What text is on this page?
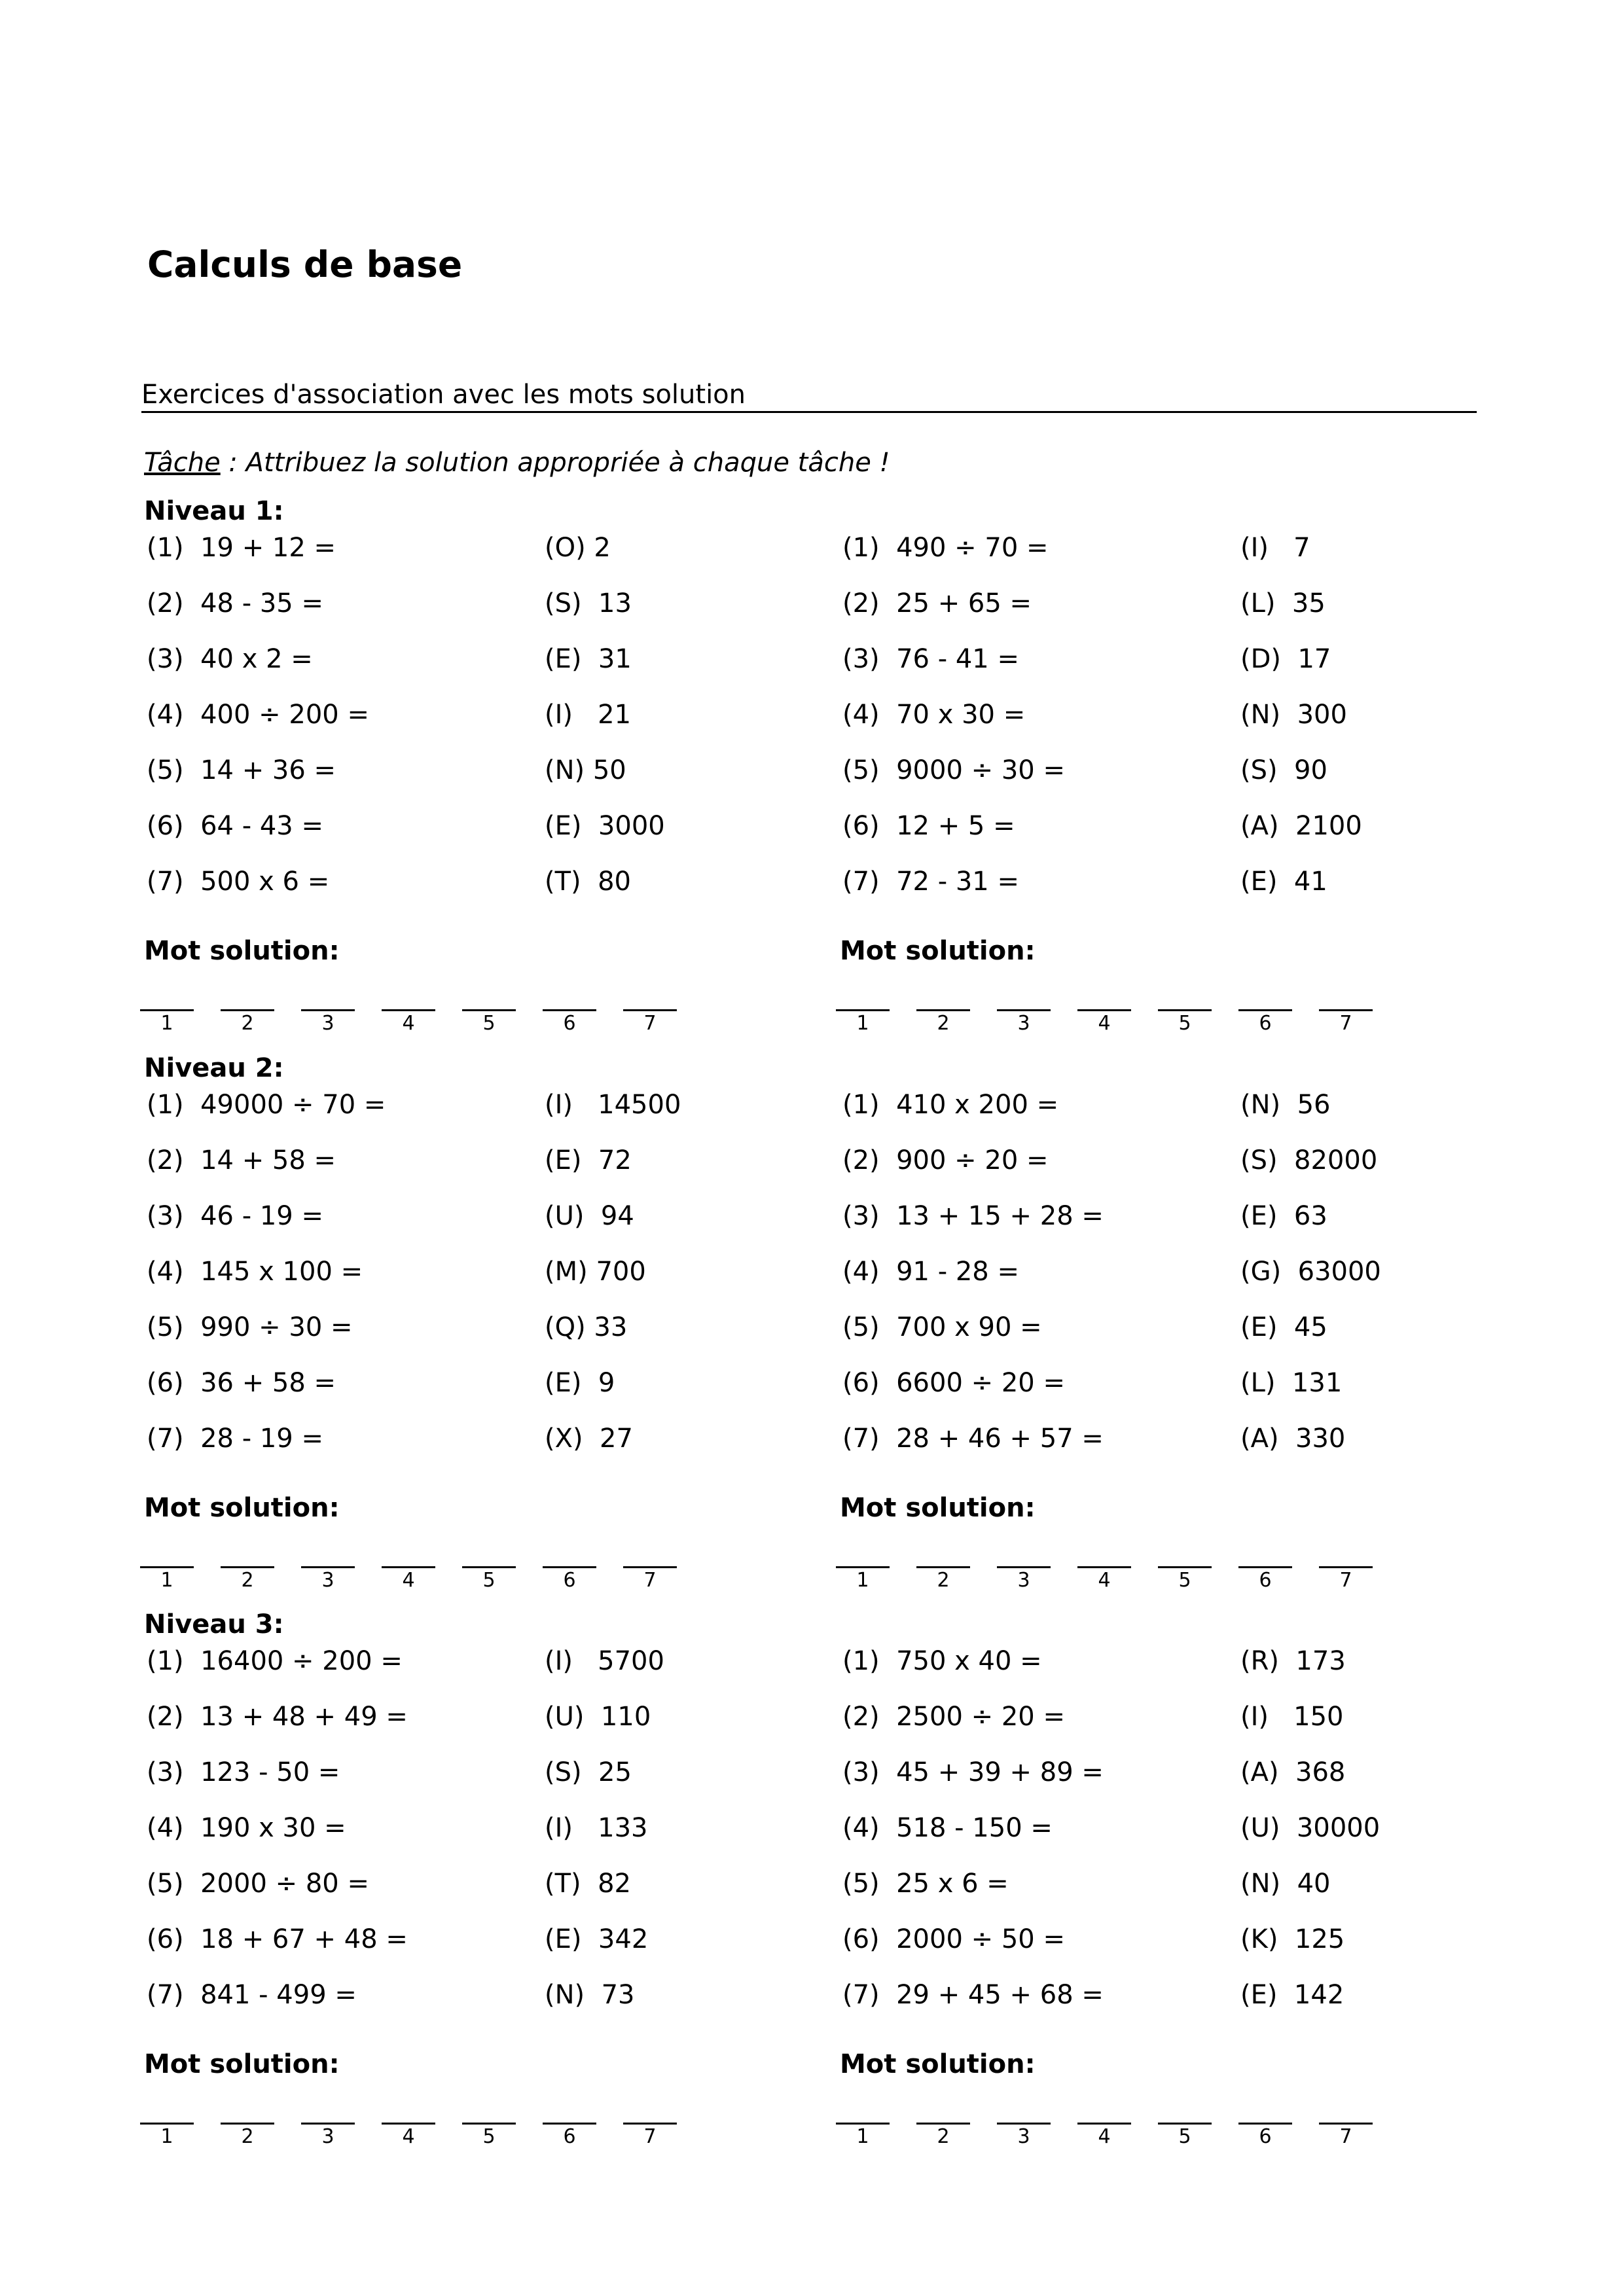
Calculs de base
Exercices d'association avec les mots solution
Tâche : Attribuez la solution appropriée à chaque tâche !
Niveau 1:
(1)  19 + 12 =	(O) 2
(2)  48 - 35 =	(S)  13
(3)  40 x 2 =	(E)  31
(4)  400 ÷ 200 =	(I)   21
(5)  14 + 36 =	(N) 50
(6)  64 - 43 =	(E)  3000
(7)  500 x 6 =	(T)  80
Mot solution:
1	2	3	4	5	6	7
(1)  490 ÷ 70 =	(I)   7
(2)  25 + 65 =	(L)  35
(3)  76 - 41 =	(D)  17
(4)  70 x 30 =	(N)  300
(5)  9000 ÷ 30 =	(S)  90
(6)  12 + 5 =	(A)  2100
(7)  72 - 31 =	(E)  41
Mot solution:
1	2	3	4	5	6	7
Niveau 2:
(1)  49000 ÷ 70 =	(I)   14500
(2)  14 + 58 =	(E)  72
(3)  46 - 19 =	(U)  94
(4)  145 x 100 =	(M) 700
(5)  990 ÷ 30 =	(Q) 33
(6)  36 + 58 =	(E)  9
(7)  28 - 19 =	(X)  27
Mot solution:
1	2	3	4	5	6	7
(1)  410 x 200 =	(N)  56
(2)  900 ÷ 20 =	(S)  82000
(3)  13 + 15 + 28 =	(E)  63
(4)  91 - 28 =	(G)  63000
(5)  700 x 90 =	(E)  45
(6)  6600 ÷ 20 =	(L)  131
(7)  28 + 46 + 57 =	(A)  330
Mot solution:
1	2	3	4	5	6	7
Niveau 3:
(1)  16400 ÷ 200 =	(I)   5700
(2)  13 + 48 + 49 =	(U)  110
(3)  123 - 50 =	(S)  25
(4)  190 x 30 =	(I)   133
(5)  2000 ÷ 80 =	(T)  82
(6)  18 + 67 + 48 =	(E)  342
(7)  841 - 499 =	(N)  73
Mot solution:
1	2	3	4	5	6	7
(1)  750 x 40 =	(R)  173
(2)  2500 ÷ 20 =	(I)   150
(3)  45 + 39 + 89 =	(A)  368
(4)  518 - 150 =	(U)  30000
(5)  25 x 6 =	(N)  40
(6)  2000 ÷ 50 =	(K)  125
(7)  29 + 45 + 68 =	(E)  142
Mot solution:
1	2	3	4	5	6	7
